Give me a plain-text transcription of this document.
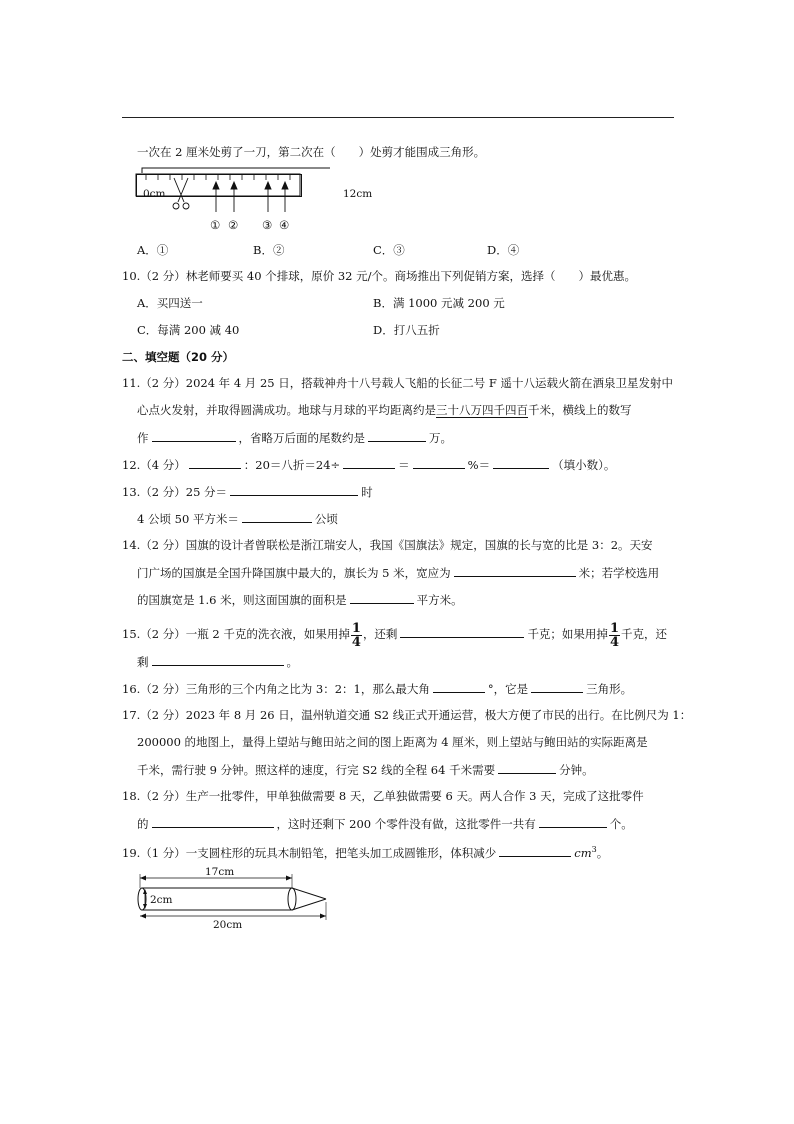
一次在 2 厘米处剪了一刀，第二次在（　　）处剪才能围成三角形。
0cm	12cm
① ② ③ ④
A．①	B．②	C．③	D．④
10.（2 分）林老师要买 40 个排球，原价 32 元/个。商场推出下列促销方案，选择（　　）最优惠。
A．买四送一	B．满 1000 元减 200 元
C．每满 200 减 40	D．打八五折
二、填空题（20 分）
11.（2 分）2024 年 4 月 25 日，搭载神舟十八号载人飞船的长征二号 F 遥十八运载火箭在酒泉卫星发射中
心点火发射，并取得圆满成功。地球与月球的平均距离约是三十八万四千四百千米，横线上的数写
作	，省略万后面的尾数约是	万。
12.（4 分）	：20＝八折＝24÷	＝	%＝	（填小数）。
13.（2 分）25 分＝	时
4 公顷 50 平方米＝	公顷
14.（2 分）国旗的设计者曾联松是浙江瑞安人，我国《国旗法》规定，国旗的长与宽的比是 3：2。天安
门广场的国旗是全国升降国旗中最大的，旗长为 5 米，宽应为	米；若学校选用
的国旗宽是 1.6 米，则这面国旗的面积是	平方米。
15.（2 分）一瓶 2 千克的洗衣液，如果用掉 $\frac{1}{4}$ ，还剩	千克；如果用掉 $\frac{1}{4}$ 千克，还
剩	。
16.（2 分）三角形的三个内角之比为 3：2：1，那么最大角	°，它是	三角形。
17.（2 分）2023 年 8 月 26 日，温州轨道交通 S2 线正式开通运营，极大方便了市民的出行。在比例尺为 1：
200000 的地图上，量得上望站与鲍田站之间的图上距离为 4 厘米，则上望站与鲍田站的实际距离是
千米，需行驶 9 分钟。照这样的速度，行完 S2 线的全程 64 千米需要	分钟。
18.（2 分）生产一批零件，甲单独做需要 8 天，乙单独做需要 6 天。两人合作 3 天，完成了这批零件
的	，这时还剩下 200 个零件没有做，这批零件一共有	个。
19.（1 分）一支圆柱形的玩具木制铅笔，把笔头加工成圆锥形，体积减少	$cm^3$。
17cm
2cm
20cm
